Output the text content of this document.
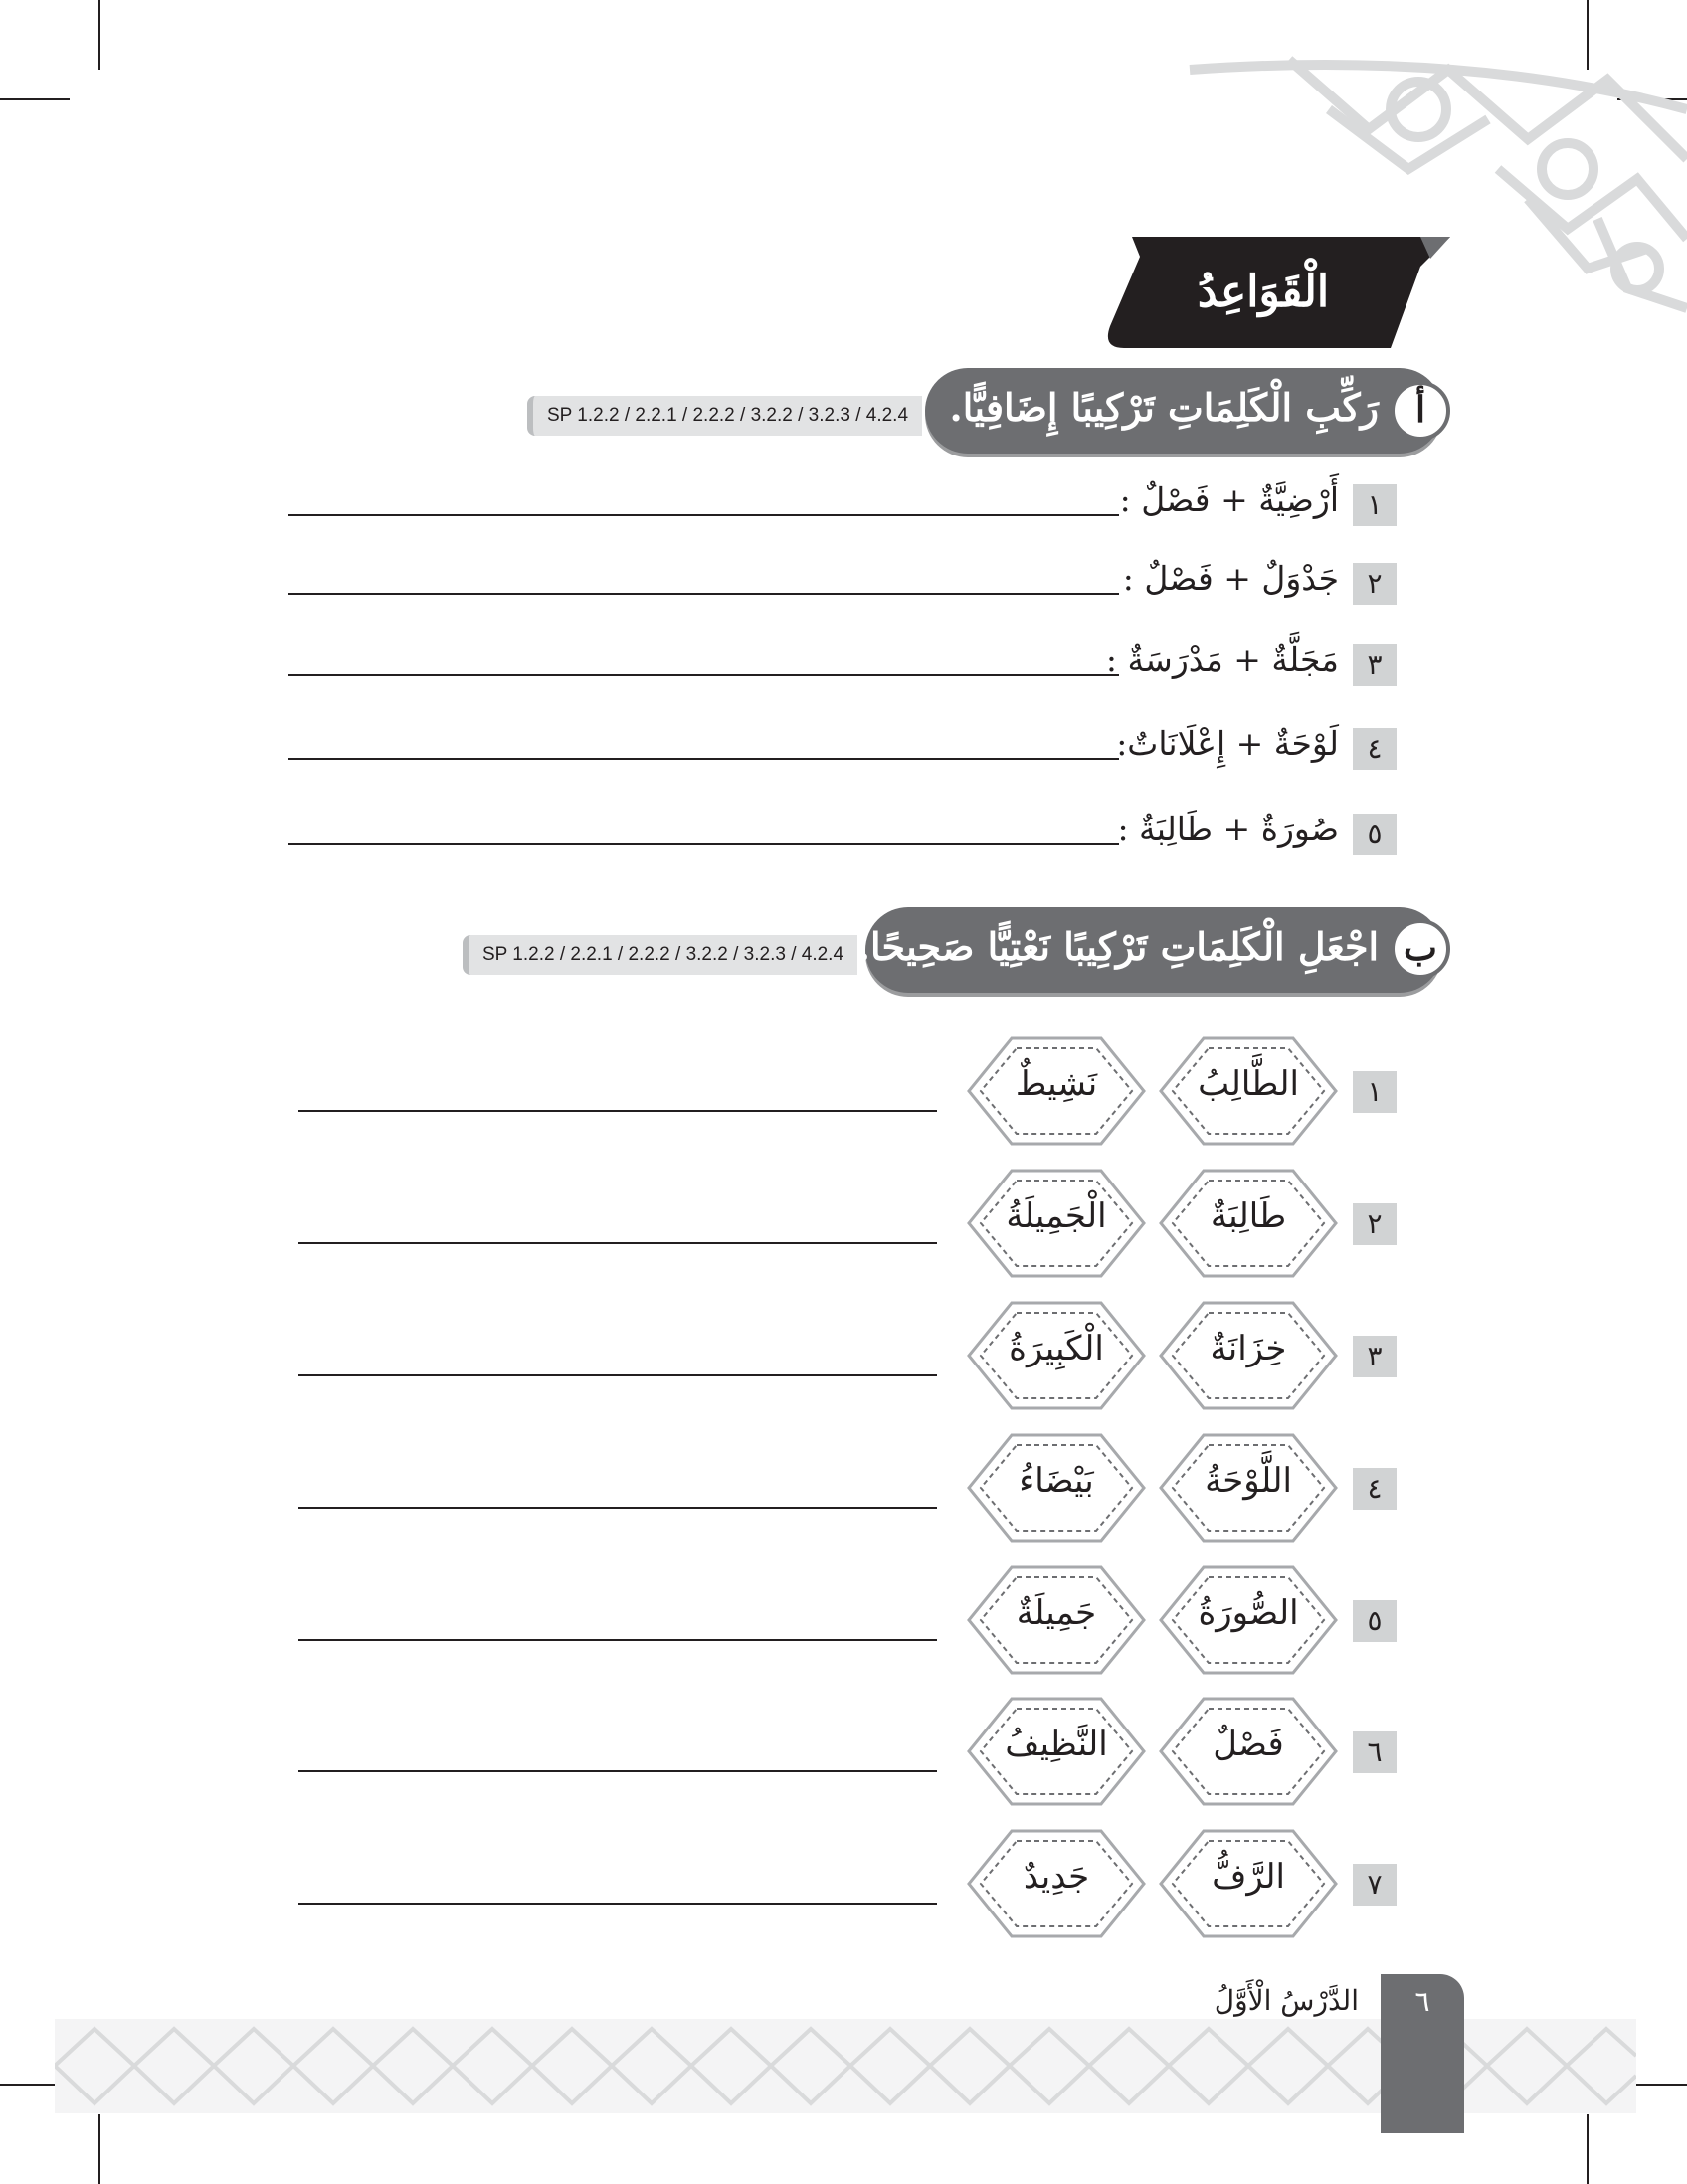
الْقَوَاعِدُ
SP 1.2.2 / 2.2.1 / 2.2.2 / 3.2.2 / 3.2.3 / 4.2.4	رَكِّبِ الْكَلِمَاتِ تَرْكِيبًا إِضَافِيًّا.	أ
١
أَرْضِيَّةٌ + فَصْلٌ :
٢
جَدْوَلٌ + فَصْلٌ :
٣
مَجَلَّةٌ + مَدْرَسَةٌ :
٤
لَوْحَةٌ + إِعْلَانَاتٌ:
٥
صُورَةٌ + طَالِبَةٌ :
SP 1.2.2 / 2.2.1 / 2.2.2 / 3.2.2 / 3.2.3 / 4.2.4 اجْعَلِ الْكَلِمَاتِ تَرْكِيبًا نَعْتِيًّا صَحِيحًا. ب
١
الطَّالِبُ
نَشِيطٌ
٢
طَالِبَةٌ
الْجَمِيلَةُ
٣
خِزَانَةٌ
الْكَبِيرَةُ
٤
اللَّوْحَةُ
بَيْضَاءُ
٥
الصُّورَةُ
جَمِيلَةٌ
٦
فَصْلٌ
النَّظِيفُ
٧
الرَّفُّ
جَدِيدٌ
٦
الدَّرْسُ الْأَوَّلُ
